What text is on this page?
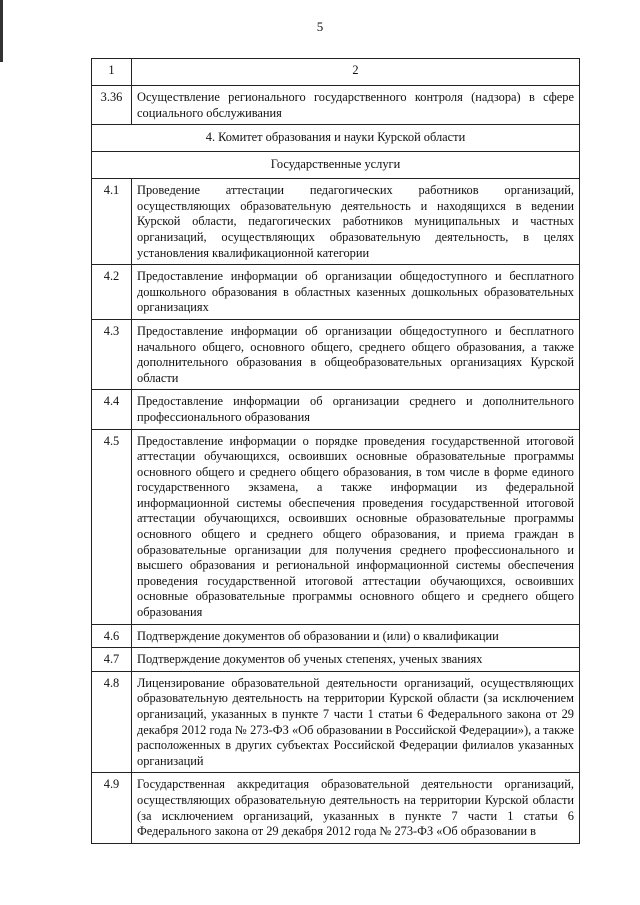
5
1	2
3.36	Осуществление регионального государственного контроля (надзора) в сфере социального обслуживания
4. Комитет образования и науки Курской области	
Государственные услуги	
4.1	Проведение аттестации педагогических работников организаций, осуществляющих образовательную деятельность и находящихся в ведении Курской области, педагогических работников муниципальных и частных организаций, осуществляющих образовательную деятельность, в целях установления квалификационной категории
4.2	Предоставление информации об организации общедоступного и бесплатного дошкольного образования в областных казенных дошкольных образовательных организациях
4.3	Предоставление информации об организации общедоступного и бесплатного начального общего, основного общего, среднего общего образования, а также дополнительного образования в общеобразовательных организациях Курской области
4.4	Предоставление информации об организации среднего и дополнительного профессионального образования
4.5	Предоставление информации о порядке проведения государственной итоговой аттестации обучающихся, освоивших основные образовательные программы основного общего и среднего общего образования, в том числе в форме единого государственного экзамена, а также информации из федеральной информационной системы обеспечения проведения государственной итоговой аттестации обучающихся, освоивших основные образовательные программы основного общего и среднего общего образования, и приема граждан в образовательные организации для получения среднего профессионального и высшего образования и региональной информационной системы обеспечения проведения государственной итоговой аттестации обучающихся, освоивших основные образовательные программы основного общего и среднего общего образования
4.6	Подтверждение документов об образовании и (или) о квалификации
4.7	Подтверждение документов об ученых степенях, ученых званиях
4.8	Лицензирование образовательной деятельности организаций, осуществляющих образовательную деятельность на территории Курской области (за исключением организаций, указанных в пункте 7 части 1 статьи 6 Федерального закона от 29 декабря 2012 года № 273-ФЗ «Об образовании в Российской Федерации»), а также расположенных в других субъектах Российской Федерации филиалов указанных организаций
4.9	Государственная аккредитация образовательной деятельности организаций, осуществляющих образовательную деятельность на территории Курской области (за исключением организаций, указанных в пункте 7 части 1 статьи 6 Федерального закона от 29 декабря 2012 года № 273-ФЗ «Об образовании в
